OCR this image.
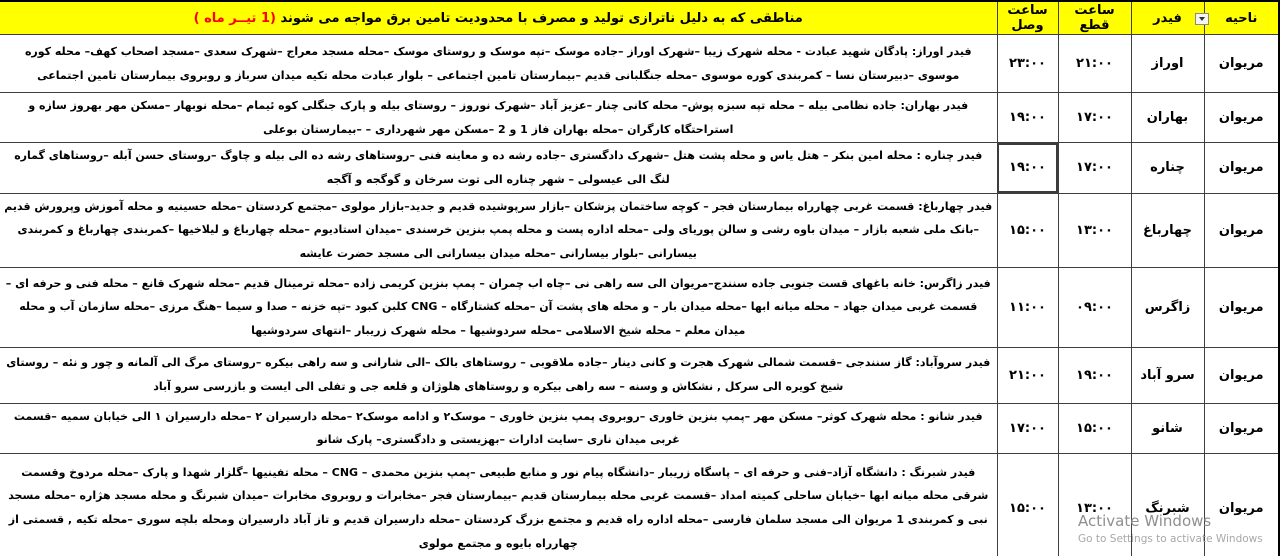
ناحیه	فیدر	ساعت قطع	ساعت وصل	مناطقی که به دلیل ناترازی تولید و مصرف با محدودیت تامین برق مواجه می شوند (1 تیــر ماه )
مریوان	اوراز	۲۱:۰۰	۲۳:۰۰	فیدر اوراز: پادگان شهید عبادت - محله شهرک زیبا –شهرک اوراز –جاده موسک –تپه موسک و روستای موسک –محله مسجد معراج –شهرک سعدی –مسجد اصحاب کهف– محله کوره موسوی –دبیرستان نسا – کمربندی کوره موسوی –محله جنگلبانی قدیم –بیمارستان تامین اجتماعی – بلوار عبادت محله تکیه میدان سرباز و روبروی بیمارستان تامین اجتماعی
مریوان	بهاران	۱۷:۰۰	۱۹:۰۰	فیدر بهاران: جاده نظامی بیله – محله تپه سبزه پوش– محله کانی چنار –عزیز آباد –شهرک نوروز – روستای بیله و پارک جنگلی کوه ئیمام –محله نوبهار –مسکن مهر بهروز سازه و استراحتگاه کارگران –محله بهاران فاز 1 و 2 –مسکن مهر شهرداری – –بیمارستان بوعلی
مریوان	چناره	۱۷:۰۰	۱۹:۰۰	فیدر چناره : محله امین بنکر – هتل یاس و محله پشت هتل –شهرک دادگستری –جاده رشه ده و معاینه فنی –روستاهای رشه ده الی بیله و چاوگ –روستای حسن آبله –روستاهای گماره لنگ الی عیسولی – شهر چناره الی توت سرخان و گوگجه و آگجه
مریوان	چهارباغ	۱۳:۰۰	۱۵:۰۰	فیدر چهارباغ: قسمت غربی چهارراه بیمارستان فجر – کوچه ساختمان پزشکان –بازار سرپوشیده قدیم و جدید–بازار مولوی –مجتمع کردستان –محله حسینیه و محله آموزش وپرورش قدیم –بانک ملی شعبه بازار – میدان باوه رشی و سالن پوریای ولی –محله اداره پست و محله پمپ بنزین خرسندی –میدان استادیوم –محله چهارباغ و لیلاخیها –کمربندی چهارباغ و کمربندی بیسارانی –بلوار بیسارانی –محله میدان بیسارانی الی مسجد حضرت عایشه
مریوان	زاگرس	۰۹:۰۰	۱۱:۰۰	فیدر زاگرس: خانه باغهای قست جنوبی جاده سنندج–مریوان الی سه راهی نی –چاه اب چمران – پمپ بنزین کریمی زاده –محله ترمینال قدیم –محله شهرک قانع – محله فنی و حرفه ای – قسمت غربی میدان جهاد – محله میانه ابها –محله میدان بار – و محله های پشت آن –محله کشتارگاه – CNG کلبن کبود –تپه خزنه – صدا و سیما –هنگ مرزی –محله سازمان آب و محله میدان معلم – محله شیخ الاسلامی –محله سردوشیها – محله شهرک زریبار –انتهای سردوشیها
مریوان	سرو آباد	۱۹:۰۰	۲۱:۰۰	فیدر سروآباد: گاز سنندجی –قسمت شمالی شهرک هجرت و کانی دینار –جاده ملاقوبی – روستاهای بالک –الی شارانی و سه راهی بیکره –روستای مرگ الی آلمانه و چور و نئه – روستای شیخ کویره الی سرکل , نشکاش و وسنه – سه راهی بیکره و روستاهای هلوژان و قلعه جی و تفلی الی ایست و بازرسی سرو آباد
مریوان	شانو	۱۵:۰۰	۱۷:۰۰	فیدر شانو : محله شهرک کوثر– مسکن مهر –پمپ بنزین خاوری –روبروی پمپ بنزین خاوری – موسک۲ و ادامه موسک۲ –محله دارسیران ۲ –محله دارسیران ۱ الی خیابان سمیه –قسمت غربی میدان ناری –سایت ادارات –بهزیستی و دادگستری– پارک شانو
مریوان	شبرنگ	۱۳:۰۰	۱۵:۰۰	فیدر شبرنگ : دانشگاه آزاد–فنی و حرفه ای – پاسگاه زریبار –دانشگاه پیام نور و منابع طبیعی –پمپ بنزین محمدی – CNG – محله تفینیها –گلزار شهدا و پارک –محله مردوخ وقسمت شرقی محله میانه ابها –خیابان ساحلی کمیته امداد –قسمت غربی محله بیمارستان قدیم –بیمارستان فجر –مخابرات و روبروی مخابرات –میدان شبرنگ و محله مسجد هژاره –محله مسجد نبی و کمربندی 1 مریوان الی مسجد سلمان فارسی –محله اداره راه قدیم و مجتمع بزرگ کردستان –محله دارسیران قدیم و تاز آباد دارسیران ومحله بلچه سوری –محله تکیه , قسمتی از چهارراه بایوه و مجتمع مولوی
Activate Windows
Go to Settings to activate Windows
